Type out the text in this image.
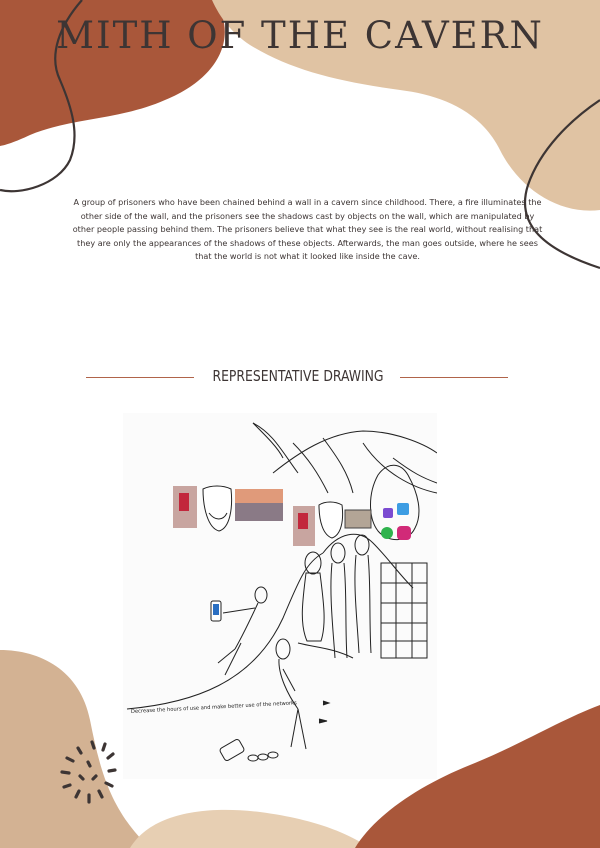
MITH OF THE CAVERN

A group of prisoners who have been chained behind a wall in a cavern since childhood. There, a fire illuminates the other side of the wall, and the prisoners see the shadows cast by objects on the wall, which are manipulated by other people passing behind them. The prisoners believe that what they see is the real world, without realising that they are only the appearances of the shadows of these objects. Afterwards, the man goes outside, where he sees that the world is not what it looked like inside the cave.

REPRESENTATIVE DRAWING
Decrease the hours of use and make better use of the networks
